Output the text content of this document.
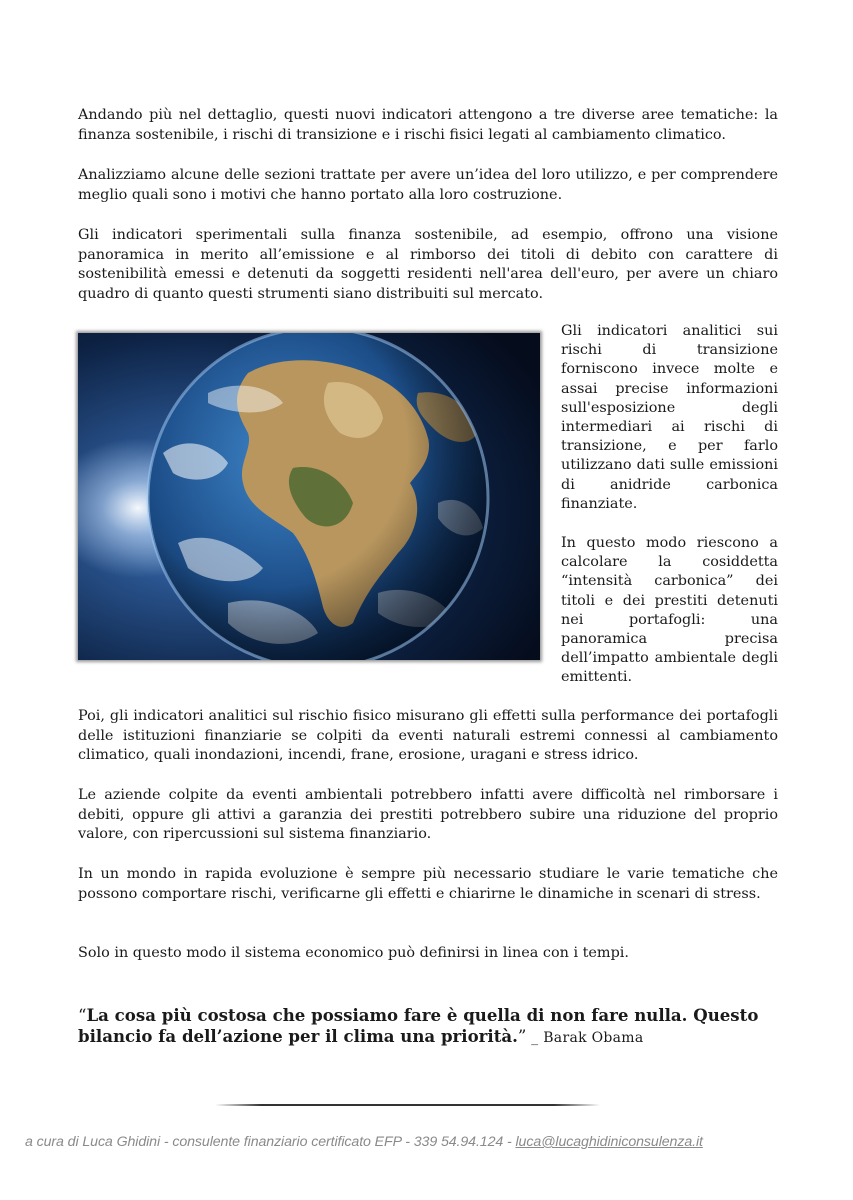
Andando più nel dettaglio, questi nuovi indicatori attengono a tre diverse aree tematiche: la finanza sostenibile, i rischi di transizione e i rischi fisici legati al cambiamento climatico.

Analizziamo alcune delle sezioni trattate per avere un’idea del loro utilizzo, e per comprendere meglio quali sono i motivi che hanno portato alla loro costruzione.

Gli indicatori sperimentali sulla finanza sostenibile, ad esempio, offrono una visione panoramica in merito all’emissione e al rimborso dei titoli di debito con carattere di sostenibilità emessi e detenuti da soggetti residenti nell'area dell'euro, per avere un chiaro quadro di quanto questi strumenti siano distribuiti sul mercato.

Gli indicatori analitici sui rischi di transizione forniscono invece molte e assai precise informazioni sull'esposizione degli intermediari ai rischi di transizione, e per farlo utilizzano dati sulle emissioni di anidride carbonica finanziate.

In questo modo riescono a calcolare la cosiddetta “intensità carbonica” dei titoli e dei prestiti detenuti nei portafogli: una panoramica precisa dell’impatto ambientale degli emittenti.

Poi, gli indicatori analitici sul rischio fisico misurano gli effetti sulla performance dei portafogli delle istituzioni finanziarie se colpiti da eventi naturali estremi connessi al cambiamento climatico, quali inondazioni, incendi, frane, erosione, uragani e stress idrico.

Le aziende colpite da eventi ambientali potrebbero infatti avere difficoltà nel rimborsare i debiti, oppure gli attivi a garanzia dei prestiti potrebbero subire una riduzione del proprio valore, con ripercussioni sul sistema finanziario.

In un mondo in rapida evoluzione è sempre più necessario studiare le varie tematiche che possono comportare rischi, verificarne gli effetti e chiarirne le dinamiche in scenari di stress.

Solo in questo modo il sistema economico può definirsi in linea con i tempi.

“La cosa più costosa che possiamo fare è quella di non fare nulla. Questo bilancio fa dell’azione per il clima una priorità.” _ Barak Obama

a cura di Luca Ghidini - consulente finanziario certificato EFP - 339 54.94.124 - luca@lucaghidiniconsulenza.it
